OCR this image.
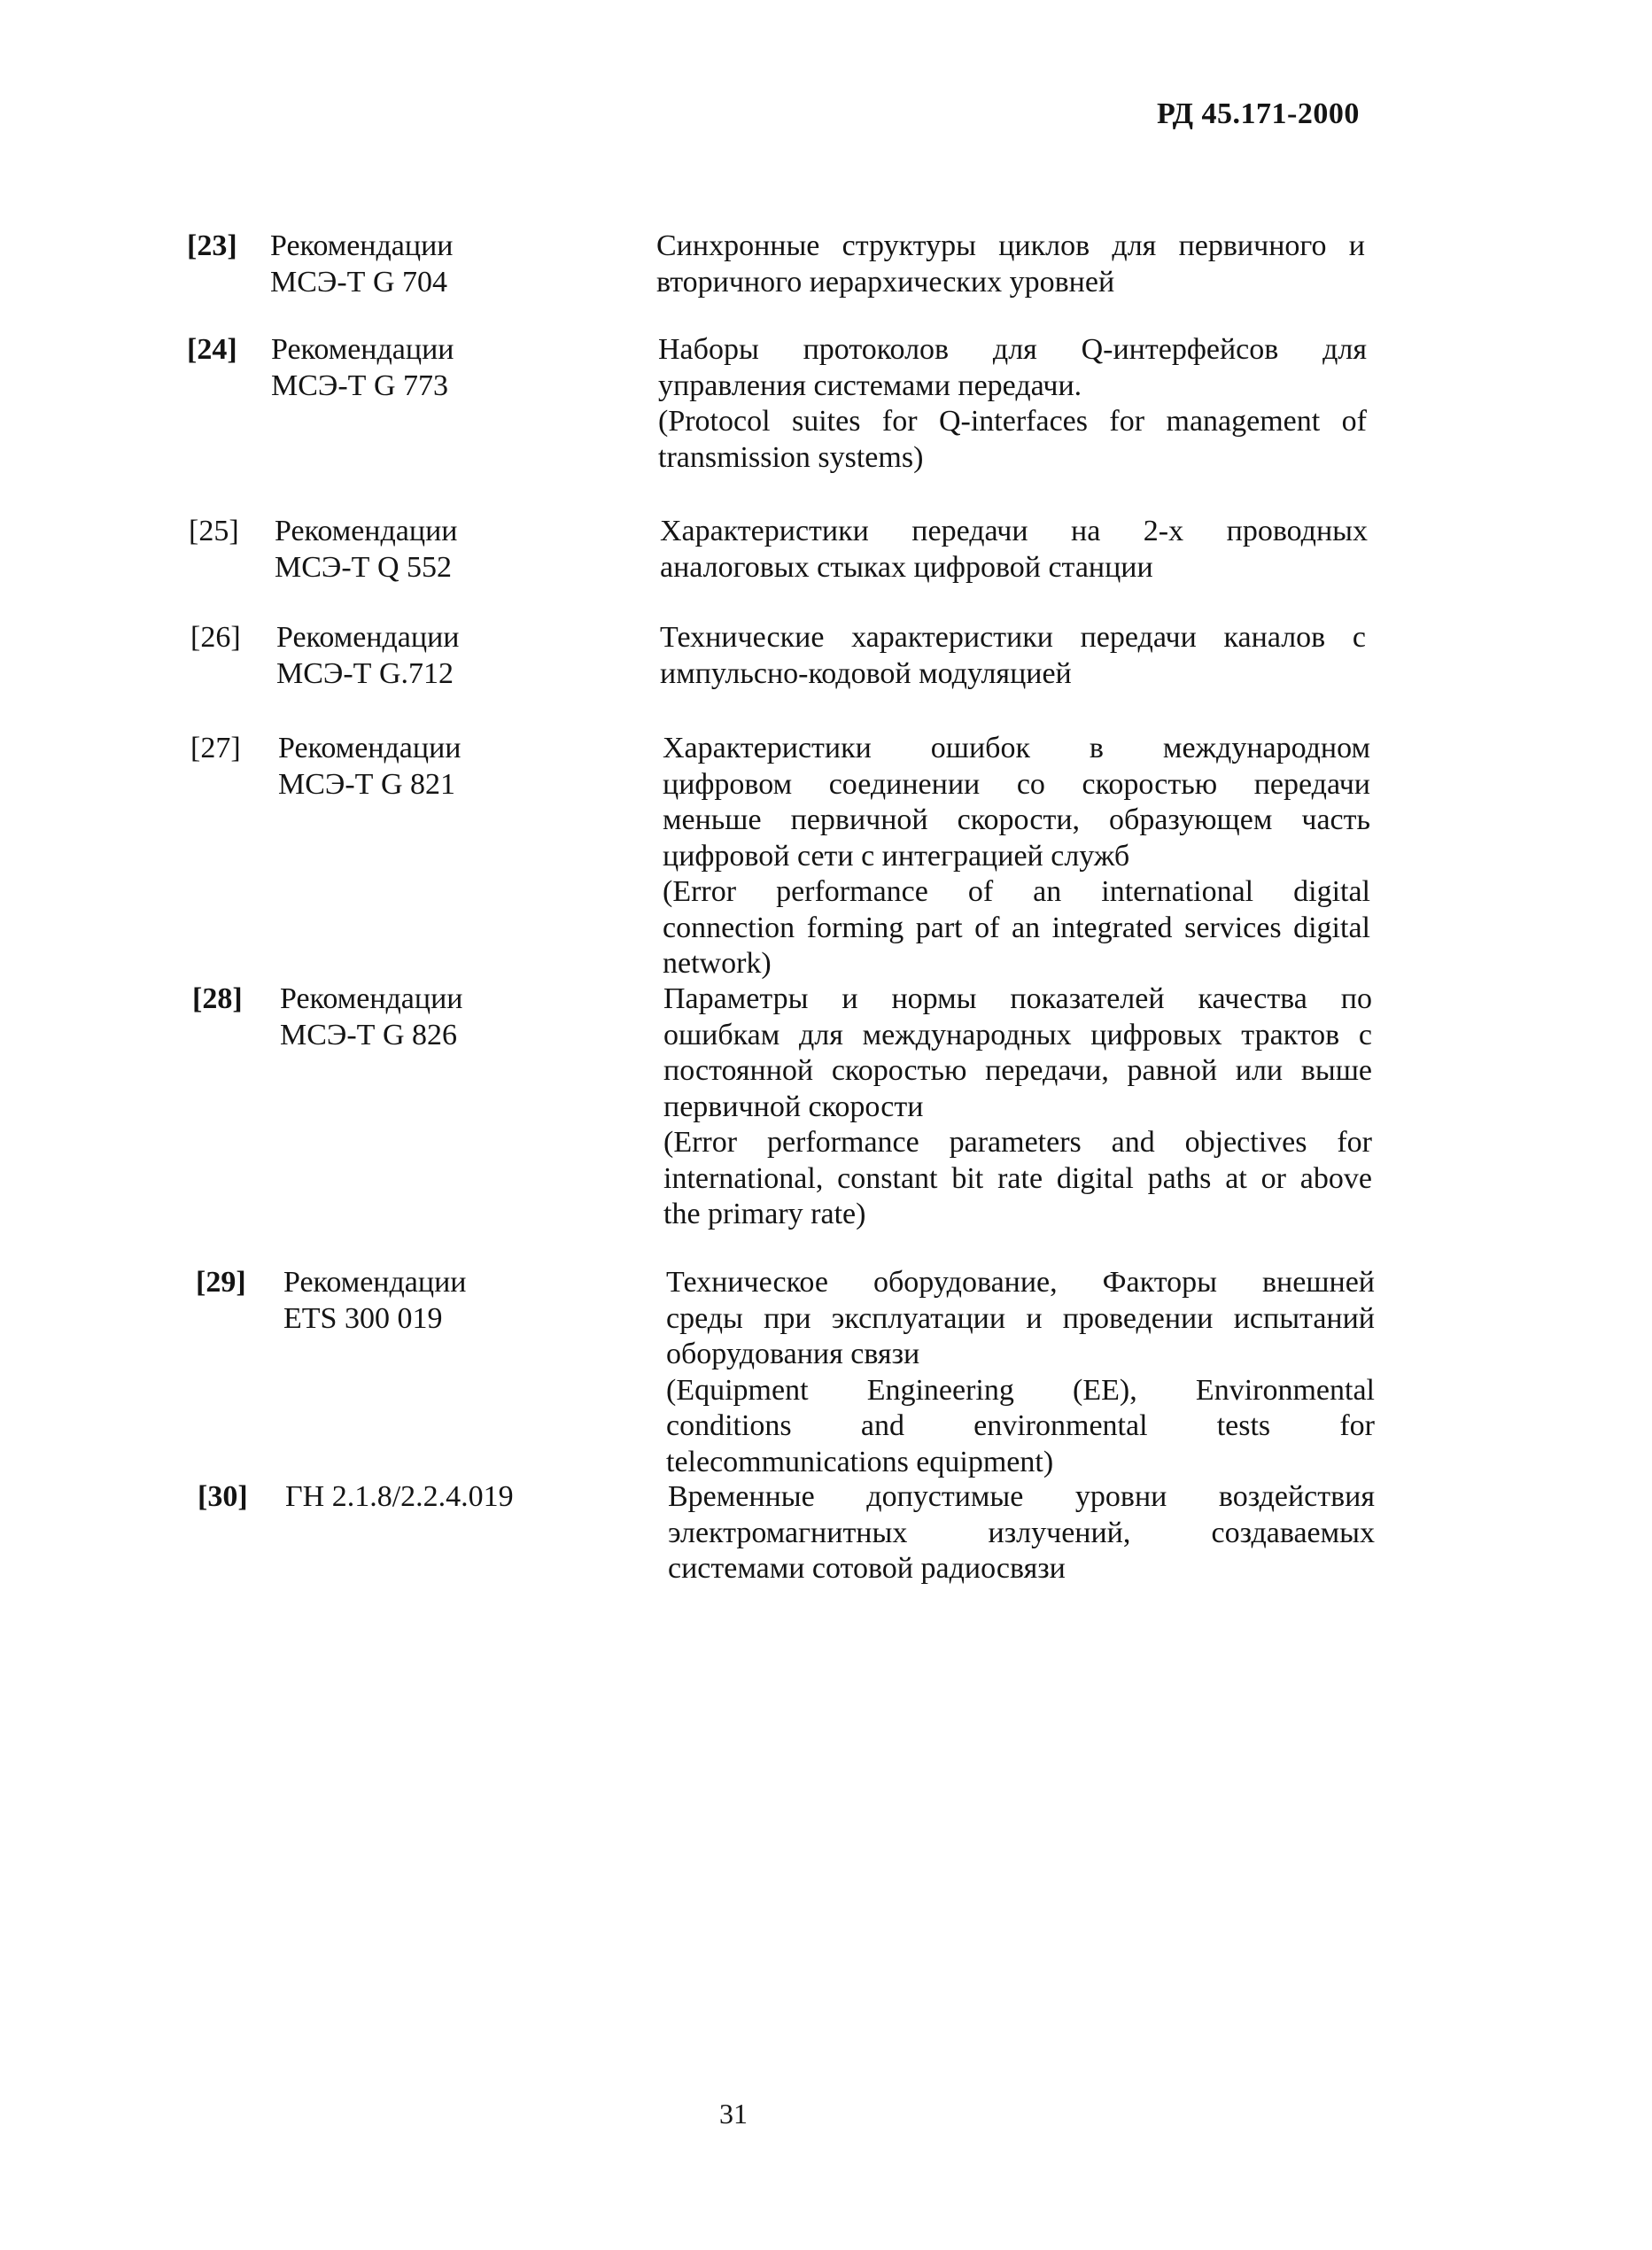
РД 45.171-2000
[23] Рекомендации
МСЭ-Т G 704
Синхронные структуры циклов для первичного и
вторичного иерархических уровней
[24] Рекомендации
МСЭ-Т G 773
Наборы протоколов для Q-интерфейсов для
управления системами передачи.
(Protocol suites for Q-interfaces for management of
transmission systems)
[25] Рекомендации
МСЭ-Т Q 552
Характеристики передачи на 2-х проводных
аналоговых стыках цифровой станции
[26] Рекомендации
МСЭ-Т G.712
Технические характеристики передачи каналов с
импульсно-кодовой модуляцией
[27] Рекомендации
МСЭ-Т G 821
Характеристики ошибок в международном
цифровом соединении со скоростью передачи
меньше первичной скорости, образующем часть
цифровой сети с интеграцией служб
(Error performance of an international digital
connection forming part of an integrated services digital
network)
[28] Рекомендации
МСЭ-Т G 826
Параметры и нормы показателей качества по
ошибкам для международных цифровых трактов с
постоянной скоростью передачи, равной или выше
первичной скорости
(Error performance parameters and objectives for
international, constant bit rate digital paths at or above
the primary rate)
[29] Рекомендации
ETS 300 019
Техническое оборудование, Факторы внешней
среды при эксплуатации и проведении испытаний
оборудования связи
(Equipment Engineering (EE), Environmental
conditions and environmental tests for
telecommunications equipment)
[30] ГН 2.1.8/2.2.4.019	Временные допустимые уровни воздействия
электромагнитных излучений, создаваемых
системами сотовой радиосвязи
31
